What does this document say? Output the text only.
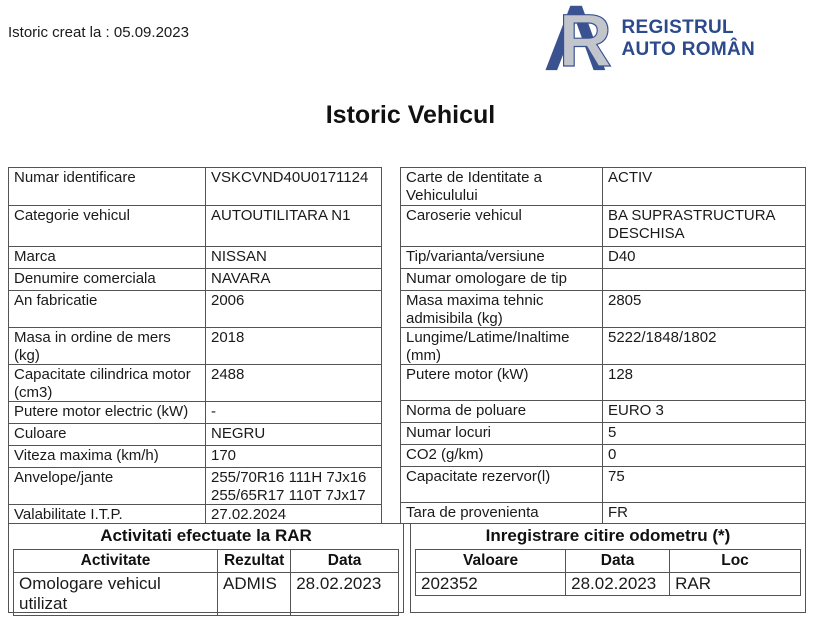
Istoric creat la : 05.09.2023	R REGISTRUL
AUTO ROMÂN
Istoric Vehicul
Numar identificare	VSKCVND40U0171124
Categorie vehicul	AUTOUTILITARA N1
Marca	NISSAN
Denumire comerciala	NAVARA
An fabricatie	2006
Masa in ordine de mers (kg)	2018
Capacitate cilindrica motor (cm3)	2488
Putere motor electric (kW)	-
Culoare	NEGRU
Viteza maxima (km/h)	170
Anvelope/jante	255/70R16 111H 7Jx16
255/65R17 110T 7Jx17

Valabilitate I.T.P.	27.02.2024
Carte de Identitate a Vehiculului	ACTIV
Caroserie vehicul	BA SUPRASTRUCTURA DESCHISA
Tip/varianta/versiune	D40
Numar omologare de tip	
Masa maxima tehnic admisibila (kg)	2805
Lungime/Latime/Inaltime (mm)	5222/1848/1802
Putere motor (kW)	128
Norma de poluare	EURO 3
Numar locuri	5
CO2 (g/km)	0
Capacitate rezervor(l)	75
Tara de provenienta	FR
Activitati efectuate la RAR
Activitate	Rezultat	Data
Omologare vehicul utilizat	ADMIS	28.02.2023
Inregistrare citire odometru (*)
Valoare	Data	Loc
202352	28.02.2023	RAR
